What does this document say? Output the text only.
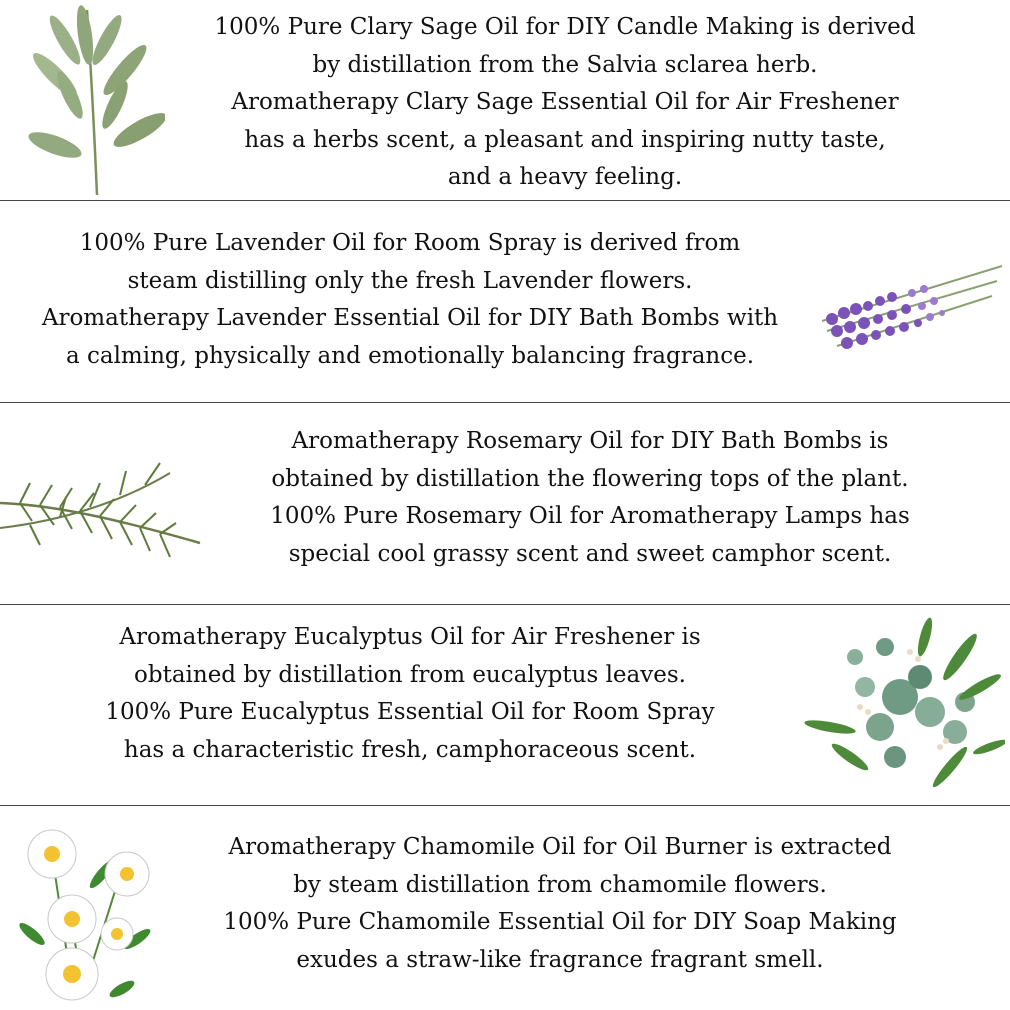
100% Pure Clary Sage Oil for DIY Candle Making is derived
by distillation from the Salvia sclarea herb.
Aromatherapy Clary Sage Essential Oil for Air Freshener
has a herbs scent, a pleasant and inspiring nutty taste,
and a heavy feeling.
100% Pure Lavender Oil for Room Spray is derived from
steam distilling only the fresh Lavender flowers.
Aromatherapy Lavender Essential Oil for DIY Bath Bombs with
a calming, physically and emotionally balancing fragrance.
Aromatherapy Rosemary Oil for DIY Bath Bombs is
obtained by distillation the flowering tops of the plant.
100% Pure Rosemary Oil for Aromatherapy Lamps has
special cool grassy scent and sweet camphor scent.
Aromatherapy Eucalyptus Oil for Air Freshener is
obtained by distillation from eucalyptus leaves.
100% Pure Eucalyptus Essential Oil for Room Spray
has a characteristic fresh, camphoraceous scent.
Aromatherapy Chamomile Oil for Oil Burner is extracted
by steam distillation from chamomile flowers.
100% Pure Chamomile Essential Oil for DIY Soap Making
exudes a straw-like fragrance fragrant smell.
